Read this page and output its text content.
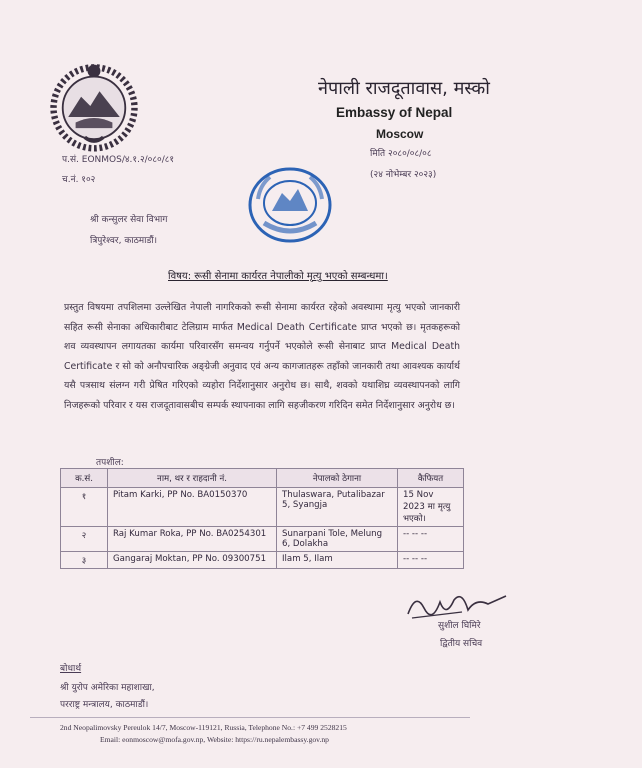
नेपाली राजदूतावास, मस्को
Embassy of Nepal
Moscow
प.सं. EONMOS/४.१.२/०८०/८१
च.नं. १०२
मिति २०८०/०८/०८
(२४ नोभेम्बर २०२३)
श्री कन्सुलर सेवा विभाग
त्रिपुरेश्वर, काठमाडौं।
विषय: रूसी सेनामा कार्यरत नेपालीको मृत्यु भएको सम्बन्धमा।
प्रस्तुत विषयमा तपशिलमा उल्लेखित नेपाली नागरिकको रूसी सेनामा कार्यरत रहेको अवस्थामा मृत्यु भएको जानकारी सहित रूसी सेनाका अधिकारीबाट टेलिग्राम मार्फत Medical Death Certificate प्राप्त भएको छ। मृतकहरूको शव व्यवस्थापन लगायतका कार्यमा परिवारसँग समन्वय गर्नुपर्ने भएकोले रूसी सेनाबाट प्राप्त Medical Death Certificate र सो को अनौपचारिक अङ्ग्रेजी अनुवाद एवं अन्य कागजातहरू तहाँको जानकारी तथा आवश्यक कार्यार्थ यसै पत्रसाथ संलग्न गरी प्रेषित गरिएको व्यहोरा निर्देशानुसार अनुरोध छ। साथै, शवको यथाशिघ्र व्यवस्थापनको लागि निजहरूको परिवार र यस राजदूतावासबीच सम्पर्क स्थापनाका लागि सहजीकरण गरिदिन समेत निर्देशानुसार अनुरोध छ।
तपशील:
क.सं.	नाम, थर र राहदानी नं.	नेपालको ठेगाना	कैफियत
१	Pitam Karki, PP No. BA0150370	Thulaswara, Putalibazar 5, Syangja	15 Nov 2023 मा मृत्यु भएको।
२	Raj Kumar Roka, PP No. BA0254301	Sunarpani Tole, Melung 6, Dolakha	-- -- --
३	Gangaraj Moktan, PP No. 09300751	Ilam 5, Ilam	-- -- --
सुशील घिमिरे
द्वितीय सचिव
बोधार्थ
श्री युरोप अमेरिका महाशाखा,
परराष्ट्र मन्त्रालय, काठमाडौं।
2nd Neopalimovsky Pereulok 14/7, Moscow-119121, Russia, Telephone No.: +7 499 2528215
Email: eonmoscow@mofa.gov.np, Website: https://ru.nepalembassy.gov.np
